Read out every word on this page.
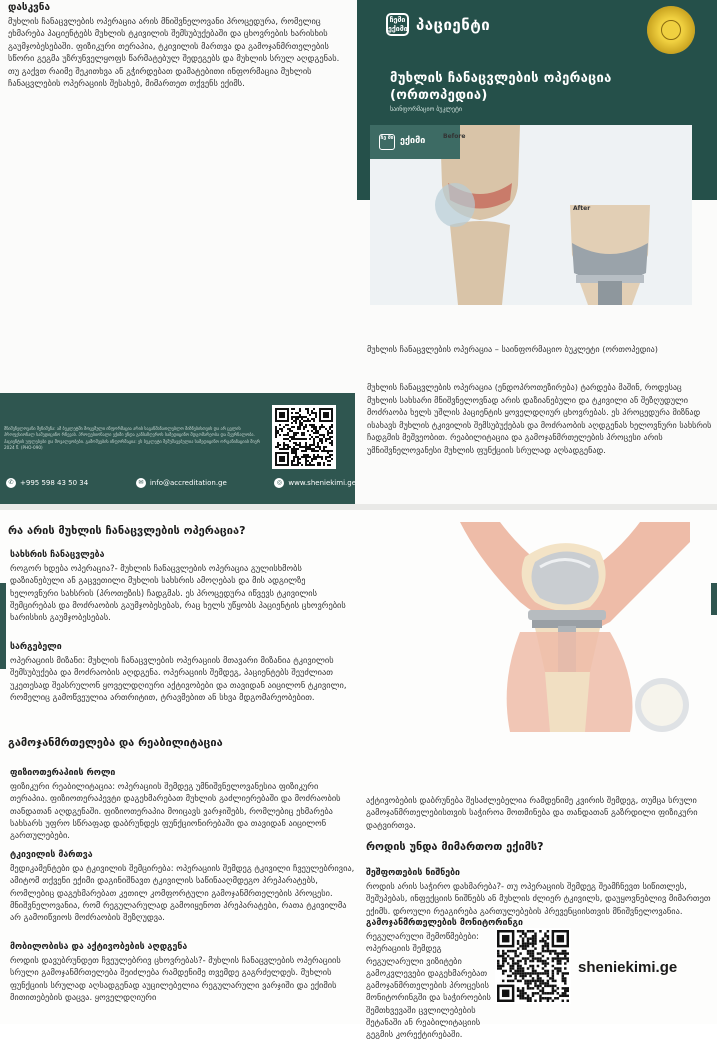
დასკვნა
მუხლის ჩანაცვლების ოპერაცია არის მნიშვნელოვანი პროცედურა, რომელიც ეხმარება პაციენტებს მუხლის ტკივილის შემსუბუქებაში და ცხოვრების ხარისხის გაუმჯობესებაში. ფიზიკური თერაპია, ტკივილის მართვა და გამოჯანმრთელების სწორი გეგმა უზრუნველყოფს წარმატებულ შედეგებს და მუხლის სრულ აღდგენას. თუ გაქვთ რაიმე შეკითხვა ან გჭირდებათ დამატებითი ინფორმაცია მუხლის ჩანაცვლების ოპერაციის შესახებ, მიმართეთ თქვენს ექიმს.
ჩემი ექიმი პაციენტი
მუხლის ჩანაცვლების ოპერაცია (ორთოპედია)
საინფორმაციო ბუკლეტი
ჩე მი ექიმი	Before
After
მნიშვნელოვანი შენიშვნა: ამ ბუკლეტში მოცემული ინფორმაცია არის საგანმანათლებლო მიზნებისთვის და არ ცვლის პროფესიონალ სამედიცინო რჩევას. პროფესიონალი ექიმი უნდა განსაზღვროს სამედიცინო მდგომარეობა და მკურნალობა. პაციენტის უფლებები და მოვალეობები. გამოშვების ინფორმაცია: ეს ბუკლეტი შემუშავებულია სამედიცინო ორგანიზაციის მიერ 2024 წ. (PHO-090)
✆ +995 598 43 50 34	✉ info@accreditation.ge	◎ www.sheniekimi.ge
მუხლის ჩანაცვლების ოპერაცია – საინფორმაციო ბუკლეტი (ორთოპედია)
მუხლის ჩანაცვლების ოპერაცია (ენდოპროთეზირება) ტარდება მაშინ, როდესაც მუხლის სახსარი მნიშვნელოვნად არის დაზიანებული და ტკივილი ან შეზღუდული მოძრაობა ხელს უშლის პაციენტის ყოველდღიურ ცხოვრებას. ეს პროცედურა მიზნად ისახავს მუხლის ტკივილის შემსუბუქებას და მოძრაობის აღდგენას ხელოვნური სახსრის ჩადგმის მეშვეობით. რეაბილიტაცია და გამოჯანმრთელების პროცესი არის უმნიშვნელოვანესი მუხლის ფუნქციის სრულად აღსადგენად.
რა არის მუხლის ჩანაცვლების ოპერაცია?
სახსრის ჩანაცვლება
როგორ ხდება ოპერაცია?- მუხლის ჩანაცვლების ოპერაცია გულისხმობს დაზიანებული ან გაცვეთილი მუხლის სახსრის ამოღებას და მის ადგილზე ხელოვნური სახსრის (პროთეზის) ჩადგმას. ეს პროცედურა იწვევს ტკივილის შემცირებას და მოძრაობის გაუმჯობესებას, რაც ხელს უწყობს პაციენტის ცხოვრების ხარისხის გაუმჯობესებას.
სარგებელი
ოპერაციის მიზანი: მუხლის ჩანაცვლების ოპერაციის მთავარი მიზანია ტკივილის შემსუბუქება და მოძრაობის აღდგენა. ოპერაციის შემდეგ, პაციენტებს შეუძლიათ უკეთესად შეასრულონ ყოველდღიური აქტივობები და თავიდან აიცილონ ტკივილი, რომელიც გამოწვეულია ართრიტით, ტრავმებით ან სხვა მდგომარეობებით.
გამოჯანმრთელება და რეაბილიტაცია
ფიზიოთერაპიის როლი
ფიზიკური რეაბილიტაცია: ოპერაციის შემდეგ უმნიშვნელოვანესია ფიზიკური თერაპია. ფიზიოთერაპევტი დაგეხმარებათ მუხლის გაძლიერებაში და მოძრაობის თანდათან აღდგენაში. ფიზიოთერაპია მოიცავს ვარჯიშებს, რომლებიც ეხმარება სახსარს უფრო სწრაფად დაბრუნდეს ფუნქციონირებაში და თავიდან აიცილონ გართულებები.
ტკივილის მართვა
მედიკამენტები და ტკივილის შემცირება: ოპერაციის შემდეგ ტკივილი ჩვეულებრივია, ამიტომ თქვენი ექიმი დაგინიშნავთ ტკივილის საწინააღმდეგო პრეპარატებს, რომლებიც დაგეხმარებათ კეთილ კომფორტული გამოჯანმრთელების პროცესი. მნიშვნელოვანია, რომ რეგულარულად გამოიყენოთ პრეპარატები, რათა ტკივილმა არ გამოიწვიოს მოძრაობის შეზღუდვა.
მობილობისა და აქტივობების აღდგენა
როდის დავუბრუნდეთ ჩვეულებრივ ცხოვრებას?- მუხლის ჩანაცვლების ოპერაციის სრული გამოჯანმრთელება შეიძლება რამდენიმე თვემდე გაგრძელდეს. მუხლის ფუნქციის სრულად აღსადგენად აუცილებელია რეგულარული ვარჯიში და ექიმის მითითებების დაცვა. ყოველდღიური
აქტივობების დაბრუნება შესაძლებელია რამდენიმე კვირის შემდეგ, თუმცა სრული გამოჯანმრთელებისთვის საჭიროა მოთმინება და თანდათან გაზრდილი ფიზიკური დატვირთვა.
როდის უნდა მიმართოთ ექიმს?
შეშფოთების ნიშნები
როდის არის საჭირო დახმარება?- თუ ოპერაციის შემდეგ შეამჩნევთ სიწითლეს, შეშუპებას, ინფექციის ნიშნებს ან მუხლის ძლიერ ტკივილს, დაუყოვნებლივ მიმართეთ ექიმს. დროული რეაგირება გართულებების პრევენციისთვის მნიშვნელოვანია.
გამოჯანმრთელების მონიტორინგი
რეგულარული შემოწმებები: ოპერაციის შემდეგ რეგულარული ვიზიტები გამოკვლევები დაგეხმარებათ გამოჯანმრთელების პროცესის მონიტორინგში და საჭიროების შემთხვევაში ცვლილებების შეტანაში ან რეაბილიტაციის გეგმის კორექტირებაში.
sheniekimi.ge
